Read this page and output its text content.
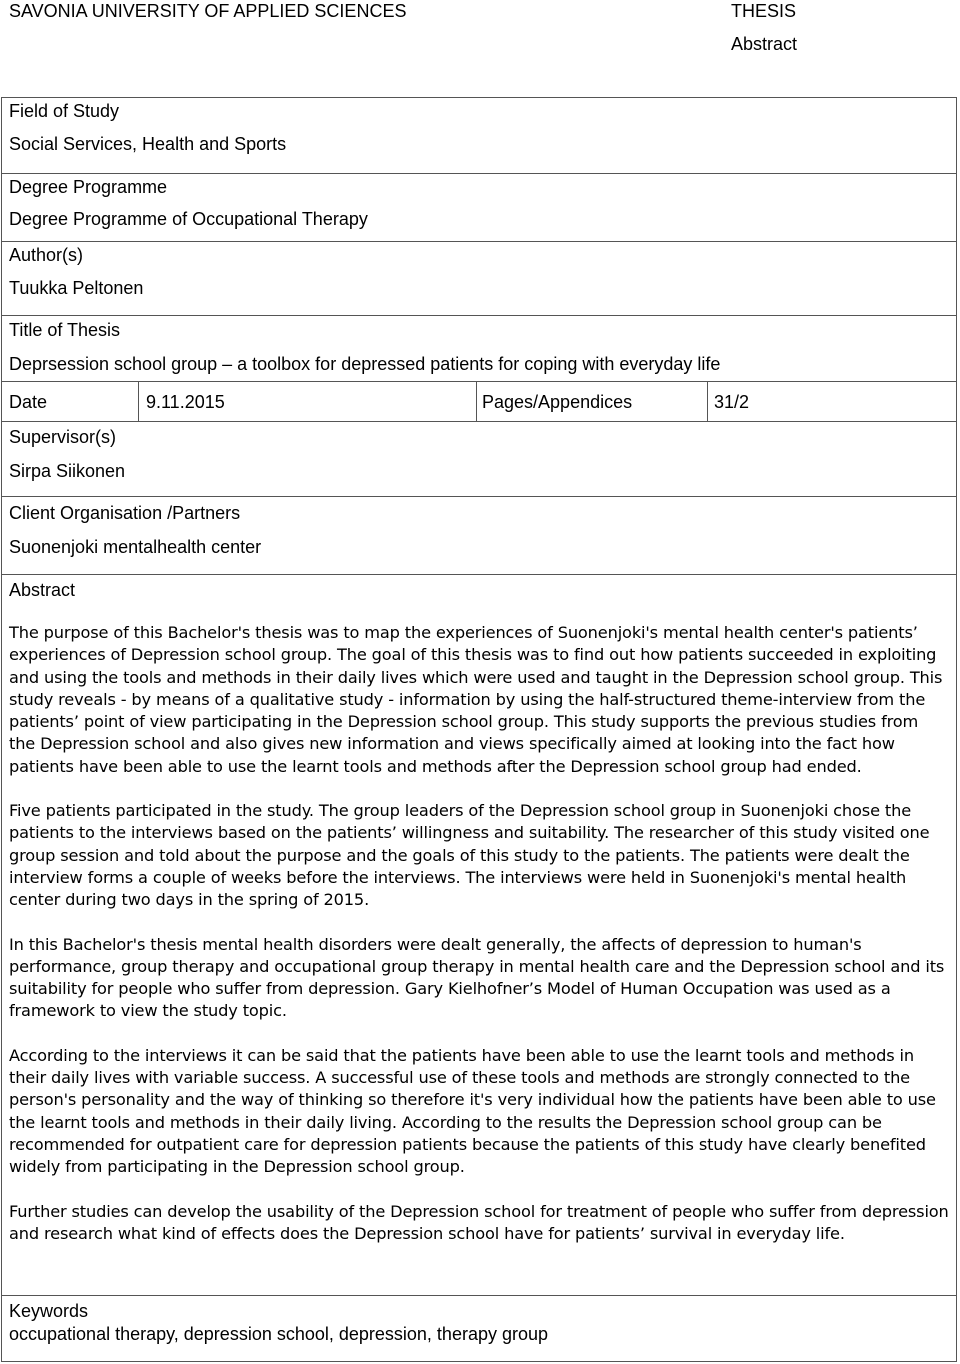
SAVONIA UNIVERSITY OF APPLIED SCIENCES	THESIS
Abstract
Field of Study
Social Services, Health and Sports
Degree Programme
Degree Programme of Occupational Therapy
Author(s)
Tuukka Peltonen
Title of Thesis
Deprsession school group – a toolbox for depressed patients for coping with everyday life
Date	9.11.2015	Pages/Appendices	31/2
Supervisor(s)
Sirpa Siikonen
Client Organisation /Partners
Suonenjoki mentalhealth center
Abstract

The purpose of this Bachelor's thesis was to map the experiences of Suonenjoki's mental health center's patients’ experiences of Depression school group. The goal of this thesis was to find out how patients succeeded in exploiting and using the tools and methods in their daily lives which were used and taught in the Depression school group. This study reveals - by means of a qualitative study - information by using the half-structured theme-interview from the patients’ point of view participating in the Depression school group. This study supports the previous studies from the Depression school and also gives new information and views specifically aimed at looking into the fact how patients have been able to use the learnt tools and methods after the Depression school group had ended.

Five patients participated in the study. The group leaders of the Depression school group in Suonenjoki chose the patients to the interviews based on the patients’ willingness and suitability. The researcher of this study visited one group session and told about the purpose and the goals of this study to the patients. The patients were dealt the interview forms a couple of weeks before the interviews. The interviews were held in Suonenjoki's mental health center during two days in the spring of 2015.

In this Bachelor's thesis mental health disorders were dealt generally, the affects of depression to human's performance, group therapy and occupational group therapy in mental health care and the Depression school and its suitability for people who suffer from depression. Gary Kielhofner’s Model of Human Occupation was used as a framework to view the study topic.

According to the interviews it can be said that the patients have been able to use the learnt tools and methods in their daily lives with variable success. A successful use of these tools and methods are strongly connected to the person's personality and the way of thinking so therefore it's very individual how the patients have been able to use the learnt tools and methods in their daily living. According to the results the Depression school group can be recommended for outpatient care for depression patients because the patients of this study have clearly benefited widely from participating in the Depression school group.

Further studies can develop the usability of the Depression school for treatment of people who suffer from depression and research what kind of effects does the Depression school have for patients’ survival in everyday life.

Keywords
occupational therapy, depression school, depression, therapy group
